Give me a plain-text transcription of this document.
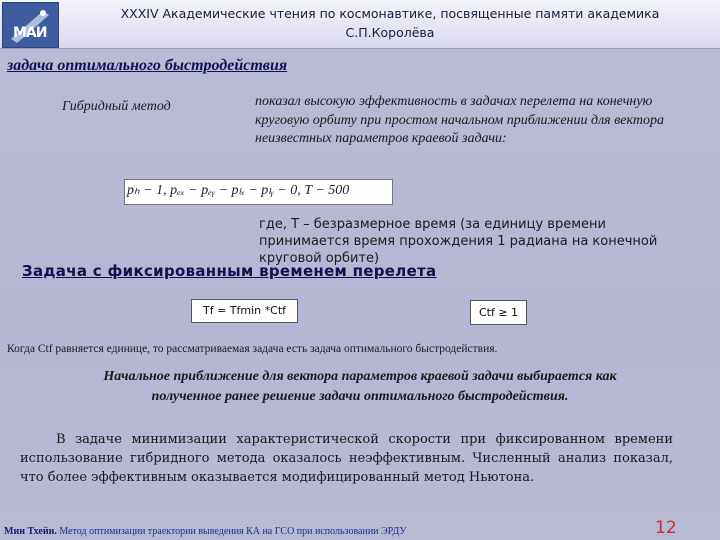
МАИ
XXXIV Академические чтения по космонавтике, посвященные памяти академика
С.П.Королёва
задача оптимального быстродействия
Гибридный метод	показал высокую эффективность в задачах перелета на конечную круговую орбиту при простом начальном приближении для вектора неизвестных параметров краевой задачи:
pₕ − 1, pₑₓ − pₑᵧ − pₗₓ − pₗᵧ − 0, T − 500
где, T – безразмерное время (за единицу времени принимается время прохождения 1 радиана на конечной круговой орбите)
Задача с фиксированным временем перелета
Tf = Tfmin *Ctf	Ctf ≥ 1
Когда Ctf равняется единице, то рассматриваемая задача есть задача оптимального быстродействия.
Начальное приближение для вектора параметров краевой задачи выбирается как
полученное ранее решение задачи оптимального быстродействия.
В задаче минимизации характеристической скорости при фиксированном времени использование гибридного метода оказалось неэффективным. Численный анализ показал, что более эффективным оказывается модифицированный метод Ньютона.
Мин Тхейн. Метод оптимизации траектории выведения КА на ГСО при использовании ЭРДУ	12
